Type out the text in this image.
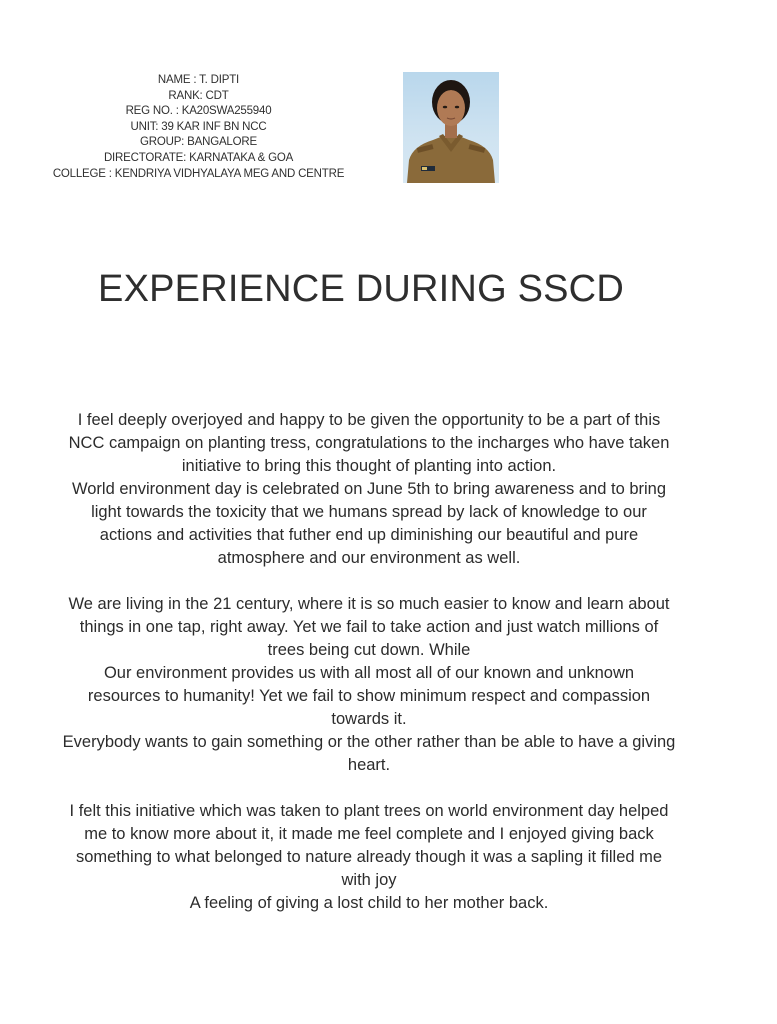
NAME : T. DIPTI
RANK: CDT
REG NO. : KA20SWA255940
UNIT: 39 KAR INF BN NCC
GROUP: BANGALORE
DIRECTORATE: KARNATAKA & GOA
COLLEGE : KENDRIYA VIDHYALAYA MEG AND CENTRE
EXPERIENCE DURING SSCD
I feel deeply overjoyed and happy to be given the opportunity to be a part of this
NCC campaign on planting tress, congratulations to the incharges who have taken
initiative to bring this thought of planting into action.
World environment day is celebrated on June 5th to bring awareness and to bring
light towards the toxicity that we humans spread by lack of knowledge to our
actions and activities that futher end up diminishing our beautiful and pure
atmosphere and our environment as well.
We are living in the 21 century, where it is so much easier to know and learn about
things in one tap, right away. Yet we fail to take action and just watch millions of
trees being cut down. While
Our environment provides us with all most all of our known and unknown
resources to humanity! Yet we fail to show minimum respect and compassion
towards it.
Everybody wants to gain something or the other rather than be able to have a giving
heart.
I felt this initiative which was taken to plant trees on world environment day helped
me to know more about it, it made me feel complete and I enjoyed giving back
something to what belonged to nature already though it was a sapling it filled me
with joy
A feeling of giving a lost child to her mother back.
